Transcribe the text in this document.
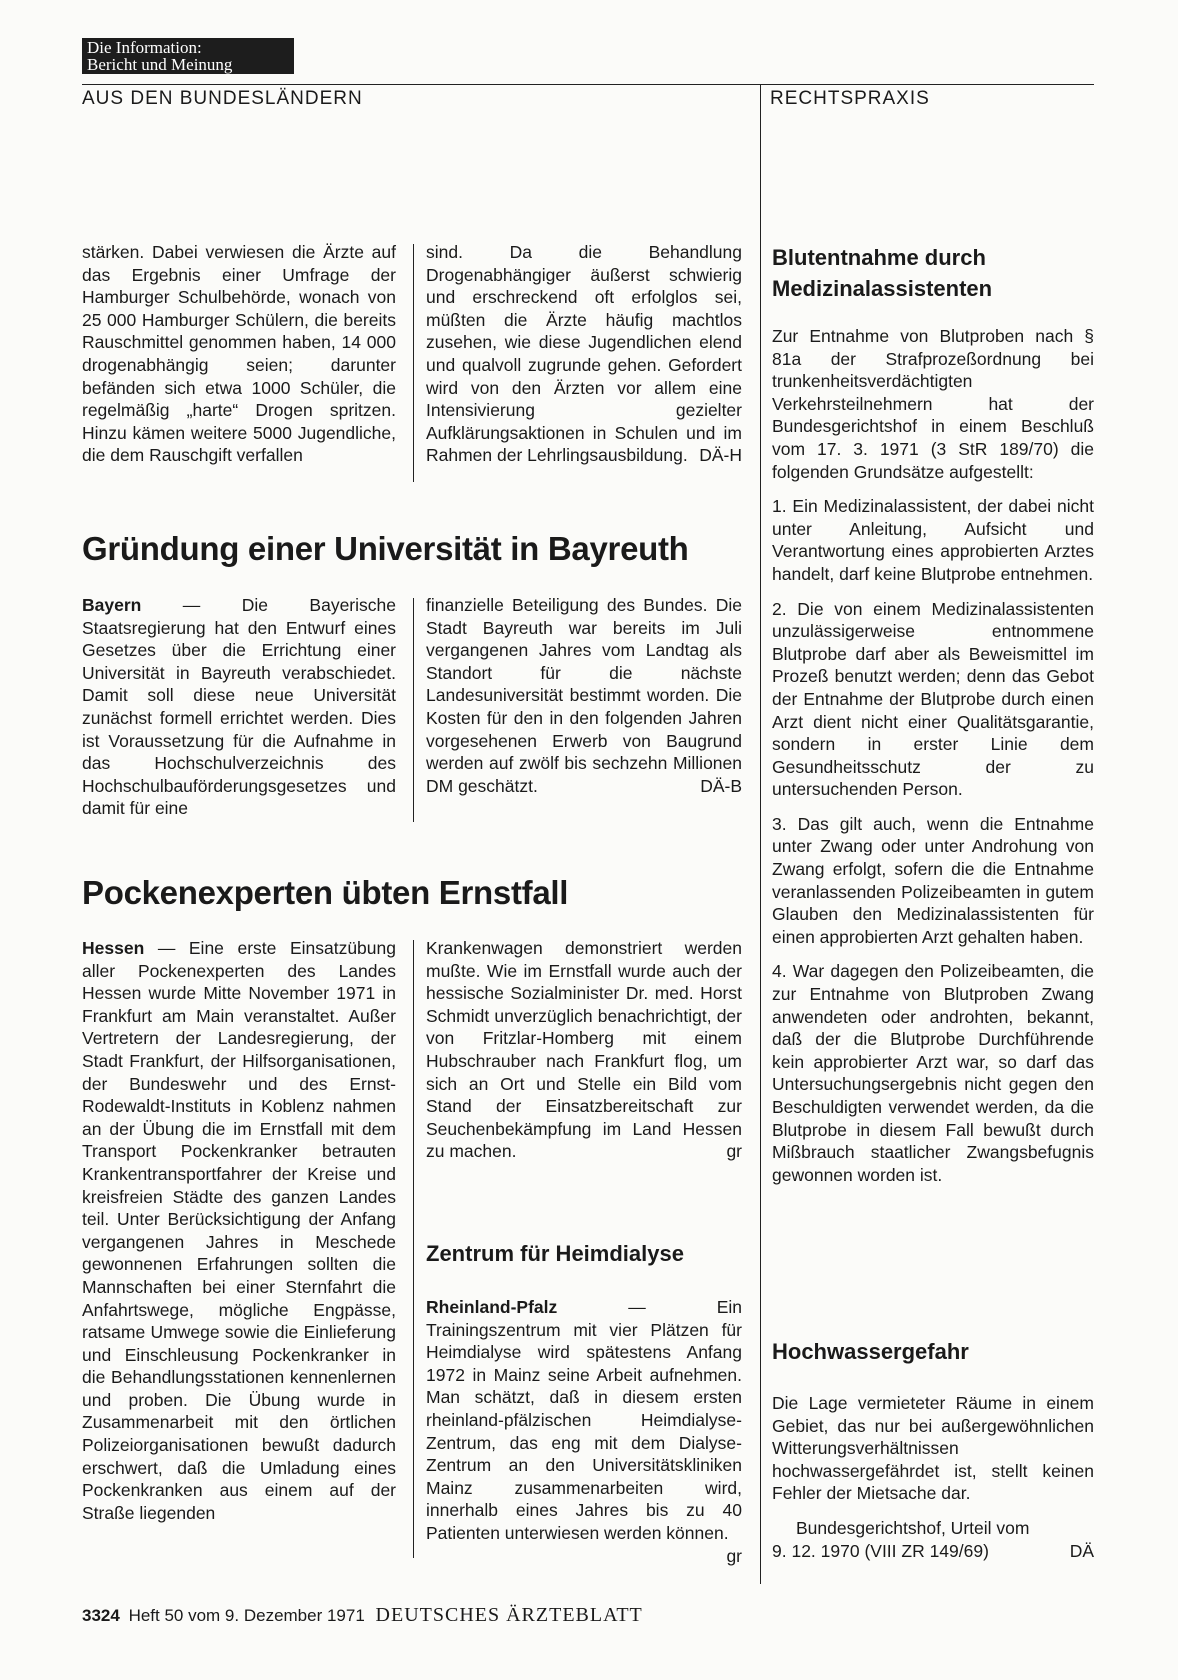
Die Information:
Bericht und Meinung
AUS DEN BUNDESLÄNDERN	RECHTSPRAXIS

stärken. Dabei verwiesen die Ärzte auf das Ergebnis einer Umfrage der Hamburger Schulbehörde, wonach von 25 000 Hamburger Schülern, die bereits Rauschmittel genommen haben, 14 000 drogenabhängig seien; darunter befänden sich etwa 1000 Schüler, die regelmäßig „harte“ Drogen spritzen. Hinzu kämen weitere 5000 Jugendliche, die dem Rauschgift verfallen

sind. Da die Behandlung Drogenabhängiger äußerst schwierig und erschreckend oft erfolglos sei, müßten die Ärzte häufig machtlos zusehen, wie diese Jugendlichen elend und qualvoll zugrunde gehen. Gefordert wird von den Ärzten vor allem eine Intensivierung gezielter Aufklärungsaktionen in Schulen und im Rahmen der Lehrlingsausbildung. DÄ-H

Gründung einer Universität in Bayreuth

Bayern — Die Bayerische Staatsregierung hat den Entwurf eines Gesetzes über die Errichtung einer Universität in Bayreuth verabschiedet. Damit soll diese neue Universität zunächst formell errichtet werden. Dies ist Voraussetzung für die Aufnahme in das Hochschulverzeichnis des Hochschulbauförderungsgesetzes und damit für eine

finanzielle Beteiligung des Bundes. Die Stadt Bayreuth war bereits im Juli vergangenen Jahres vom Landtag als Standort für die nächste Landesuniversität bestimmt worden. Die Kosten für den in den folgenden Jahren vorgesehenen Erwerb von Baugrund werden auf zwölf bis sechzehn Millionen DM geschätzt.	DÄ-B

Pockenexperten übten Ernstfall

Hessen — Eine erste Einsatzübung aller Pockenexperten des Landes Hessen wurde Mitte November 1971 in Frankfurt am Main veranstaltet. Außer Vertretern der Landesregierung, der Stadt Frankfurt, der Hilfsorganisationen, der Bundeswehr und des Ernst-Rodewaldt-Instituts in Koblenz nahmen an der Übung die im Ernstfall mit dem Transport Pockenkranker betrauten Krankentransportfahrer der Kreise und kreisfreien Städte des ganzen Landes teil. Unter Berücksichtigung der Anfang vergangenen Jahres in Meschede gewonnenen Erfahrungen sollten die Mannschaften bei einer Sternfahrt die Anfahrtswege, mögliche Engpässe, ratsame Umwege sowie die Einlieferung und Einschleusung Pockenkranker in die Behandlungsstationen kennenlernen und proben. Die Übung wurde in Zusammenarbeit mit den örtlichen Polizeiorganisationen bewußt dadurch erschwert, daß die Umladung eines Pockenkranken aus einem auf der Straße liegenden

Krankenwagen demonstriert werden mußte. Wie im Ernstfall wurde auch der hessische Sozialminister Dr. med. Horst Schmidt unverzüglich benachrichtigt, der von Fritzlar-Homberg mit einem Hubschrauber nach Frankfurt flog, um sich an Ort und Stelle ein Bild vom Stand der Einsatzbereitschaft zur Seuchenbekämpfung im Land Hessen zu machen.	gr

Zentrum für Heimdialyse

Rheinland-Pfalz — Ein Trainingszentrum mit vier Plätzen für Heimdialyse wird spätestens Anfang 1972 in Mainz seine Arbeit aufnehmen. Man schätzt, daß in diesem ersten rheinland-pfälzischen Heimdialyse-Zentrum, das eng mit dem Dialyse-Zentrum an den Universitätskliniken Mainz zusammenarbeiten wird, innerhalb eines Jahres bis zu 40 Patienten unterwiesen werden können.
gr

Blutentnahme durch Medizinalassistenten

Zur Entnahme von Blutproben nach § 81a der Strafprozeßordnung bei trunkenheitsverdächtigten Verkehrsteilnehmern hat der Bundesgerichtshof in einem Beschluß vom 17. 3. 1971 (3 StR 189/70) die folgenden Grundsätze aufgestellt:

1. Ein Medizinalassistent, der dabei nicht unter Anleitung, Aufsicht und Verantwortung eines approbierten Arztes handelt, darf keine Blutprobe entnehmen.

2. Die von einem Medizinalassistenten unzulässigerweise entnommene Blutprobe darf aber als Beweismittel im Prozeß benutzt werden; denn das Gebot der Entnahme der Blutprobe durch einen Arzt dient nicht einer Qualitätsgarantie, sondern in erster Linie dem Gesundheitsschutz der zu untersuchenden Person.

3. Das gilt auch, wenn die Entnahme unter Zwang oder unter Androhung von Zwang erfolgt, sofern die die Entnahme veranlassenden Polizeibeamten in gutem Glauben den Medizinalassistenten für einen approbierten Arzt gehalten haben.

4. War dagegen den Polizeibeamten, die zur Entnahme von Blutproben Zwang anwendeten oder androhten, bekannt, daß der die Blutprobe Durchführende kein approbierter Arzt war, so darf das Untersuchungsergebnis nicht gegen den Beschuldigten verwendet werden, da die Blutprobe in diesem Fall bewußt durch Mißbrauch staatlicher Zwangsbefugnis gewonnen worden ist.

Hochwassergefahr

Die Lage vermieteter Räume in einem Gebiet, das nur bei außergewöhnlichen Witterungsverhältnissen hochwassergefährdet ist, stellt keinen Fehler der Mietsache dar.

Bundesgerichtshof, Urteil vom

9. 12. 1970 (VIII ZR 149/69)	DÄ

3324 Heft 50 vom 9. Dezember 1971 DEUTSCHES ÄRZTEBLATT
